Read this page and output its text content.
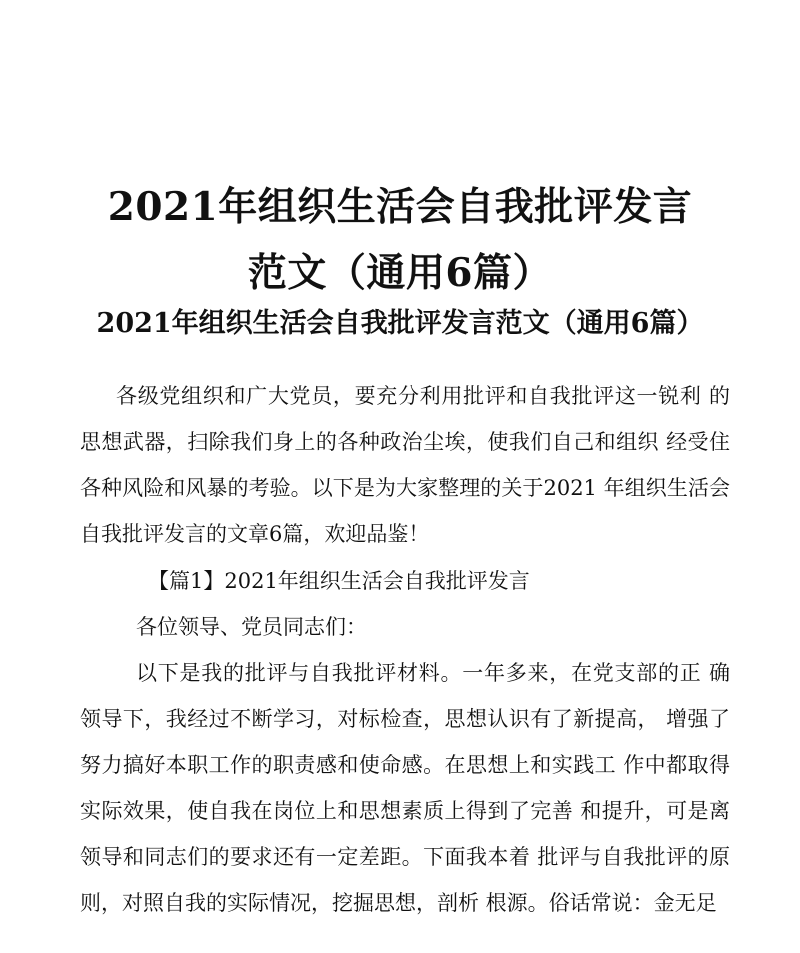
2021年组织生活会自我批评发言
范文（通用6篇）
2021年组织生活会自我批评发言范文（通用6篇）

各级党组织和广大党员，要充分利用批评和自我批评这一锐利 的思想武器，扫除我们身上的各种政治尘埃，使我们自己和组织 经受住各种风险和风暴的考验。以下是为大家整理的关于2021 年组织生活会自我批评发言的文章6篇，欢迎品鉴！

【篇1】2021年组织生活会自我批评发言

各位领导、党员同志们：

以下是我的批评与自我批评材料。一年多来，在党支部的正 确领导下，我经过不断学习，对标检查，思想认识有了新提高， 增强了努力搞好本职工作的职责感和使命感。在思想上和实践工 作中都取得实际效果，使自我在岗位上和思想素质上得到了完善 和提升，可是离领导和同志们的要求还有一定差距。下面我本着 批评与自我批评的原则，对照自我的实际情况，挖掘思想，剖析 根源。俗话常说：金无足
